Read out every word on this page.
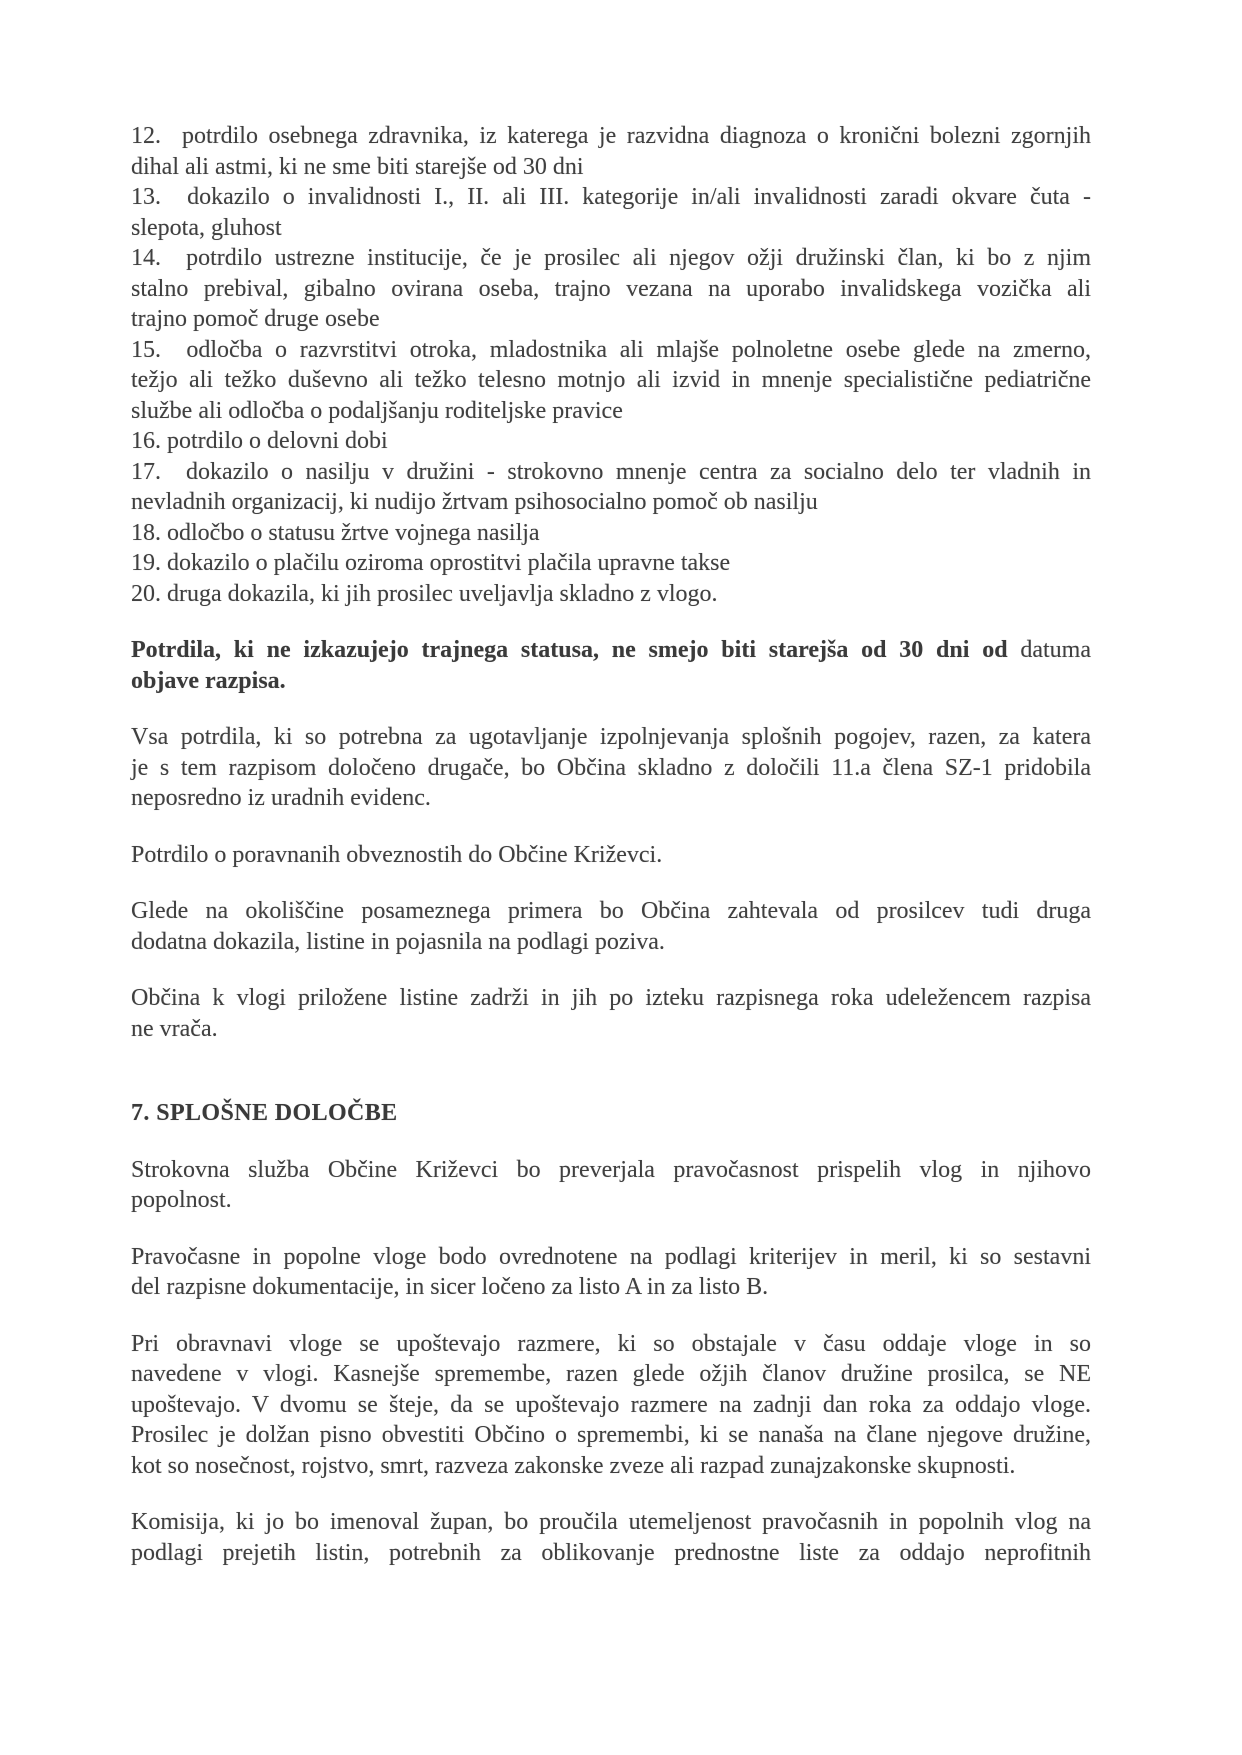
12.  potrdilo osebnega zdravnika, iz katerega je razvidna diagnoza o kronični bolezni zgornjih
dihal ali astmi, ki ne sme biti starejše od 30 dni
13.  dokazilo o invalidnosti I., II. ali III. kategorije in/ali invalidnosti zaradi okvare čuta -
slepota, gluhost
14.  potrdilo ustrezne institucije, če je prosilec ali njegov ožji družinski član, ki bo z njim
stalno prebival, gibalno ovirana oseba, trajno vezana na uporabo invalidskega vozička ali
trajno pomoč druge osebe
15.  odločba o razvrstitvi otroka, mladostnika ali mlajše polnoletne osebe glede na zmerno,
težjo ali težko duševno ali težko telesno motnjo ali izvid in mnenje specialistične pediatrične
službe ali odločba o podaljšanju roditeljske pravice
16. potrdilo o delovni dobi
17.  dokazilo o nasilju v družini - strokovno mnenje centra za socialno delo ter vladnih in
nevladnih organizacij, ki nudijo žrtvam psihosocialno pomoč ob nasilju
18. odločbo o statusu žrtve vojnega nasilja
19. dokazilo o plačilu oziroma oprostitvi plačila upravne takse
20. druga dokazila, ki jih prosilec uveljavlja skladno z vlogo.
Potrdila, ki ne izkazujejo trajnega statusa, ne smejo biti starejša od 30 dni od datuma
objave razpisa.
Vsa potrdila, ki so potrebna za ugotavljanje izpolnjevanja splošnih pogojev, razen, za katera
je s tem razpisom določeno drugače, bo Občina skladno z določili 11.a člena SZ-1 pridobila
neposredno iz uradnih evidenc.
Potrdilo o poravnanih obveznostih do Občine Križevci.
Glede na okoliščine posameznega primera bo Občina zahtevala od prosilcev tudi druga
dodatna dokazila, listine in pojasnila na podlagi poziva.
Občina k vlogi priložene listine zadrži in jih po izteku razpisnega roka udeležencem razpisa
ne vrača.
7. SPLOŠNE DOLOČBE
Strokovna služba Občine Križevci bo preverjala pravočasnost prispelih vlog in njihovo
popolnost.
Pravočasne in popolne vloge bodo ovrednotene na podlagi kriterijev in meril, ki so sestavni
del razpisne dokumentacije, in sicer ločeno za listo A in za listo B.
Pri obravnavi vloge se upoštevajo razmere, ki so obstajale v času oddaje vloge in so
navedene v vlogi. Kasnejše spremembe, razen glede ožjih članov družine prosilca, se NE
upoštevajo. V dvomu se šteje, da se upoštevajo razmere na zadnji dan roka za oddajo vloge.
Prosilec je dolžan pisno obvestiti Občino o spremembi, ki se nanaša na člane njegove družine,
kot so nosečnost, rojstvo, smrt, razveza zakonske zveze ali razpad zunajzakonske skupnosti.
Komisija, ki jo bo imenoval župan, bo proučila utemeljenost pravočasnih in popolnih vlog na
podlagi prejetih listin, potrebnih za oblikovanje prednostne liste za oddajo neprofitnih
